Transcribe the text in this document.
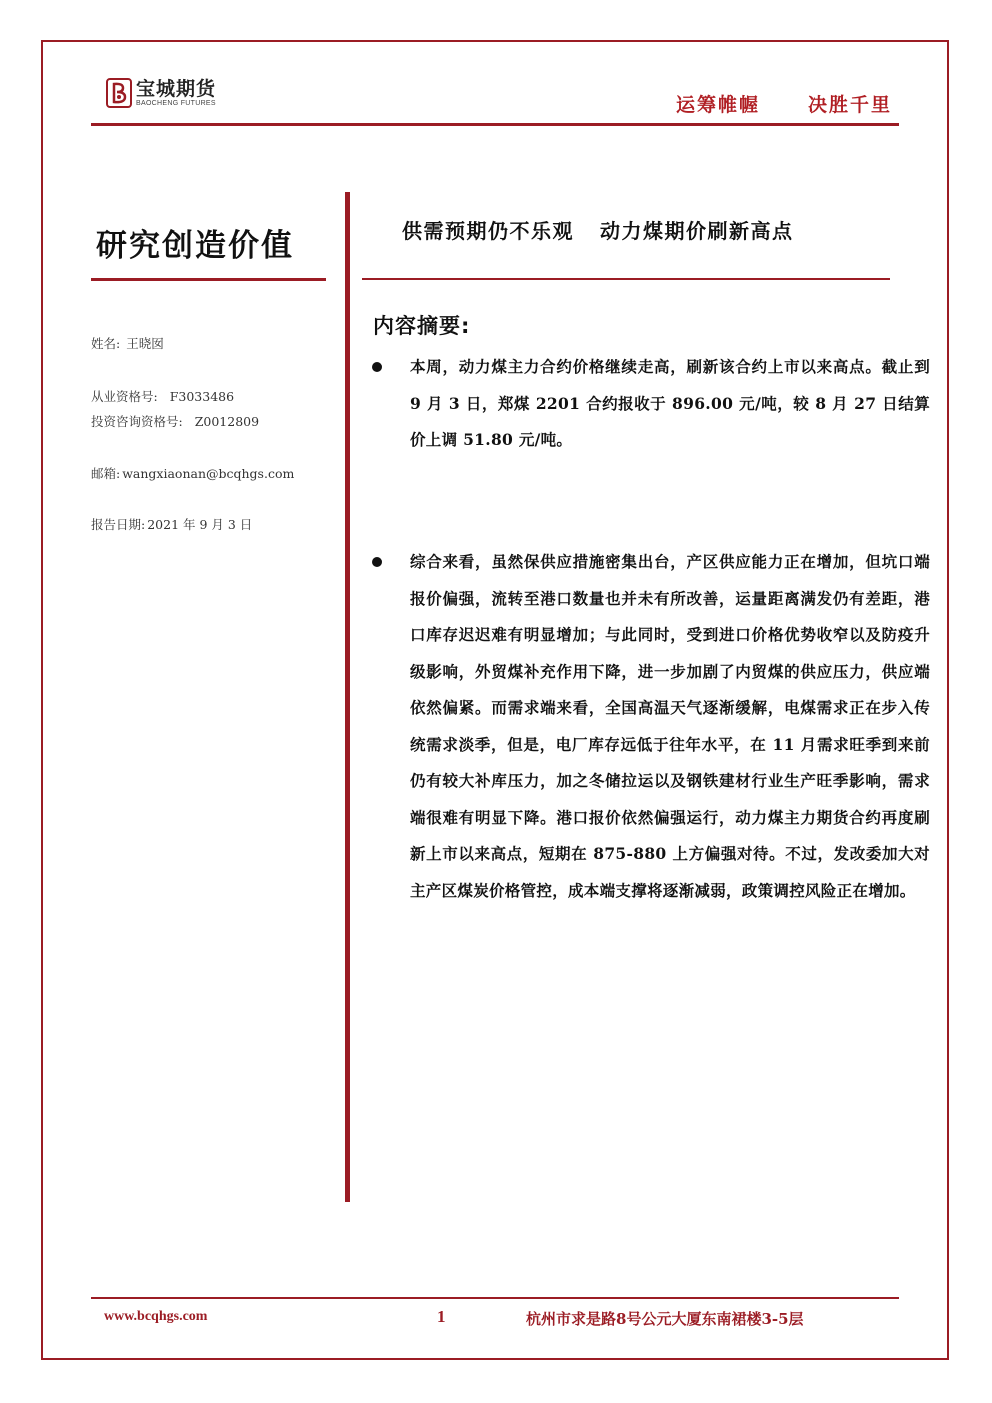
宝城期货
BAOCHENG FUTURES	运筹帷幄	决胜千里
研究创造价值
姓名: 王晓囡
从业资格号: F3033486
投资咨询资格号: Z0012809
邮箱: wangxiaonan@bcqhgs.com
报告日期: 2021 年 9 月 3 日
供需预期仍不乐观 动力煤期价刷新高点
内容摘要:

本周，动力煤主力合约价格继续走高，刷新该合约上市以来高点。截止到 9 月 3 日，郑煤 2201 合约报收于 896.00 元/吨，较 8 月 27 日结算价上调 51.80 元/吨。

综合来看，虽然保供应措施密集出台，产区供应能力正在增加，但坑口端报价偏强，流转至港口数量也并未有所改善，运量距离满发仍有差距，港口库存迟迟难有明显增加；与此同时，受到进口价格优势收窄以及防疫升级影响，外贸煤补充作用下降，进一步加剧了内贸煤的供应压力，供应端依然偏紧。而需求端来看，全国高温天气逐渐缓解，电煤需求正在步入传统需求淡季，但是，电厂库存远低于往年水平，在 11 月需求旺季到来前仍有较大补库压力，加之冬储拉运以及钢铁建材行业生产旺季影响，需求端很难有明显下降。港口报价依然偏强运行，动力煤主力期货合约再度刷新上市以来高点，短期在 875-880 上方偏强对待。不过，发改委加大对主产区煤炭价格管控，成本端支撑将逐渐减弱，政策调控风险正在增加。

www.bcqhgs.com	1	杭州市求是路8号公元大厦东南裙楼3-5层
